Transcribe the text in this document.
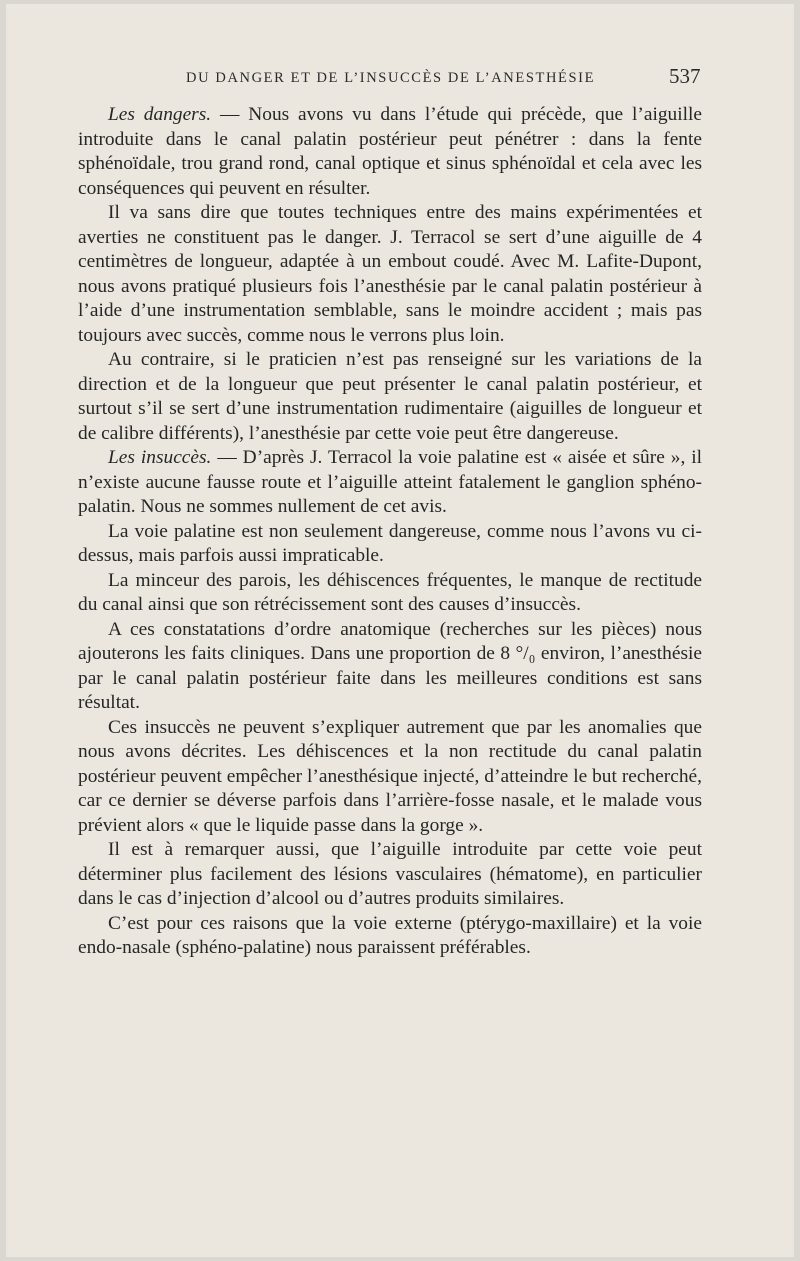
DU DANGER ET DE L’INSUCCÈS DE L’ANESTHÉSIE	537

Les dangers. — Nous avons vu dans l’étude qui précède, que l’aiguille introduite dans le canal palatin postérieur peut pénétrer : dans la fente sphénoïdale, trou grand rond, canal optique et sinus sphénoïdal et cela avec les conséquences qui peuvent en résulter.

Il va sans dire que toutes techniques entre des mains expérimentées et averties ne constituent pas le danger. J. Terracol se sert d’une aiguille de 4 centimètres de longueur, adaptée à un embout coudé. Avec M. Lafite-Dupont, nous avons pratiqué plusieurs fois l’anesthésie par le canal palatin postérieur à l’aide d’une instrumentation semblable, sans le moindre accident ; mais pas toujours avec succès, comme nous le verrons plus loin.

Au contraire, si le praticien n’est pas renseigné sur les variations de la direction et de la longueur que peut présenter le canal palatin postérieur, et surtout s’il se sert d’une instrumentation rudimentaire (aiguilles de longueur et de calibre différents), l’anesthésie par cette voie peut être dangereuse.

Les insuccès. — D’après J. Terracol la voie palatine est « aisée et sûre », il n’existe aucune fausse route et l’aiguille atteint fatalement le ganglion sphéno-palatin. Nous ne sommes nullement de cet avis.

La voie palatine est non seulement dangereuse, comme nous l’avons vu ci-dessus, mais parfois aussi impraticable.

La minceur des parois, les déhiscences fréquentes, le manque de rectitude du canal ainsi que son rétrécissement sont des causes d’insuccès.

A ces constatations d’ordre anatomique (recherches sur les pièces) nous ajouterons les faits cliniques. Dans une proportion de 8 °/₀ environ, l’anesthésie par le canal palatin postérieur faite dans les meilleures conditions est sans résultat.

Ces insuccès ne peuvent s’expliquer autrement que par les anomalies que nous avons décrites. Les déhiscences et la non rectitude du canal palatin postérieur peuvent empêcher l’anesthésique injecté, d’atteindre le but recherché, car ce dernier se déverse parfois dans l’arrière-fosse nasale, et le malade vous prévient alors « que le liquide passe dans la gorge ».

Il est à remarquer aussi, que l’aiguille introduite par cette voie peut déterminer plus facilement des lésions vasculaires (hématome), en particulier dans le cas d’injection d’alcool ou d’autres produits similaires.

C’est pour ces raisons que la voie externe (ptérygo-maxillaire) et la voie endo-nasale (sphéno-palatine) nous paraissent préférables.
